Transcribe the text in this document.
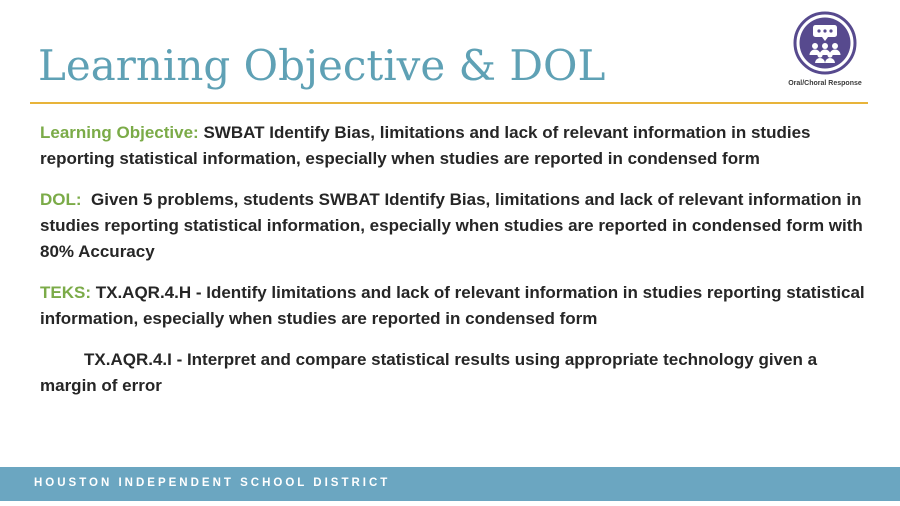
Learning Objective & DOL	Oral/Choral Response

Learning Objective: SWBAT Identify Bias, limitations and lack of relevant information in studies reporting statistical information, especially when studies are reported in condensed form

DOL: Given 5 problems, students SWBAT Identify Bias, limitations and lack of relevant information in studies reporting statistical information, especially when studies are reported in condensed form with 80% Accuracy

TEKS: TX.AQR.4.H - Identify limitations and lack of relevant information in studies reporting statistical information, especially when studies are reported in condensed form

TX.AQR.4.I - Interpret and compare statistical results using appropriate technology given a margin of error

HOUSTON INDEPENDENT SCHOOL DISTRICT
